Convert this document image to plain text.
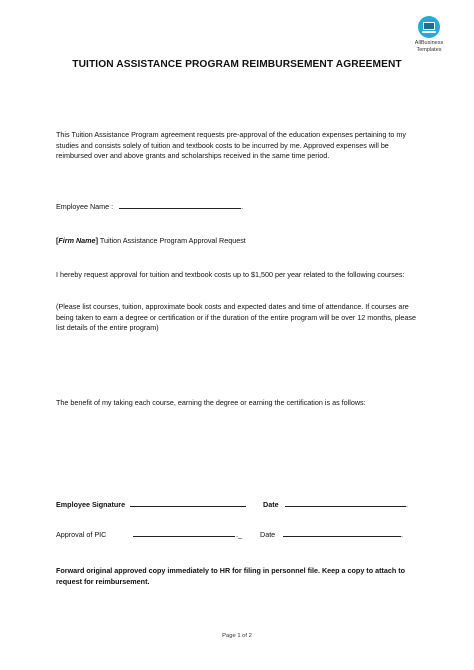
AllBusiness
Templates
TUITION ASSISTANCE PROGRAM REIMBURSEMENT AGREEMENT
This Tuition Assistance Program agreement requests pre-approval of the education expenses pertaining to my studies and consists solely of tuition and textbook costs to be incurred by me. Approved expenses will be reimbursed over and above grants and scholarships received in the same time period.
Employee Name :	.
[Firm Name] Tuition Assistance Program Approval Request
I hereby request approval for tuition and textbook costs up to $1,500 per year related to the following courses:
(Please list courses, tuition, approximate book costs and expected dates and time of attendance. If courses are being taken to earn a degree or certification or if the duration of the entire program will be over 12 months, please list details of the entire program)
The benefit of my taking each course, earning the degree or earning the certification is as follows:
Employee Signature	Date	.
Approval of PIC	._	Date	.
Forward original approved copy immediately to HR for filing in personnel file. Keep a copy to attach to request for reimbursement.
Page 1 of 2
